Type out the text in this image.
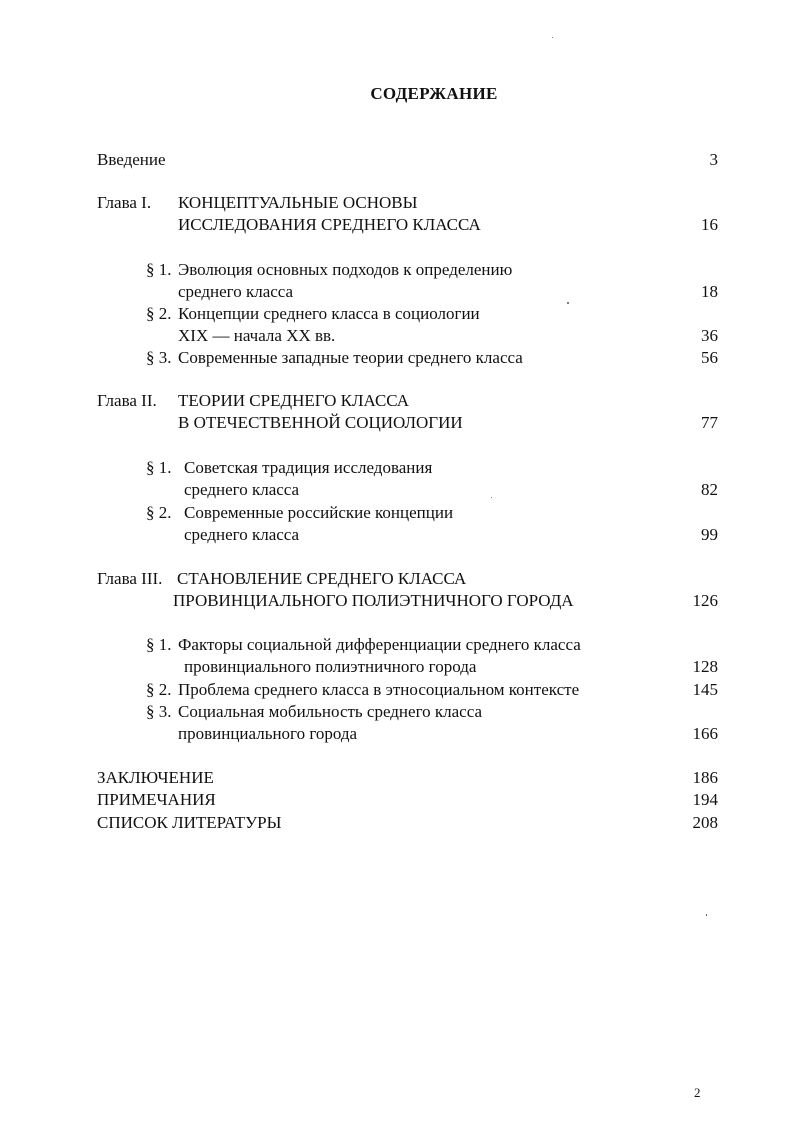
СОДЕРЖАНИЕ
Введение	3
Глава I. КОНЦЕПТУАЛЬНЫЕ ОСНОВЫ
ИССЛЕДОВАНИЯ СРЕДНЕГО КЛАССА	16
§ 1. Эволюция основных подходов к определению
среднего класса	18
§ 2. Концепции среднего класса в социологии
XIX — начала XX вв.	36
§ 3. Современные западные теории среднего класса	56
Глава II. ТЕОРИИ СРЕДНЕГО КЛАССА
В ОТЕЧЕСТВЕННОЙ СОЦИОЛОГИИ	77
§ 1. Советская традиция исследования
среднего класса	82
§ 2. Современные российские концепции
среднего класса	99
Глава III. СТАНОВЛЕНИЕ СРЕДНЕГО КЛАССА
ПРОВИНЦИАЛЬНОГО ПОЛИЭТНИЧНОГО ГОРОДА	126
§ 1. Факторы социальной дифференциации среднего класса
провинциального полиэтничного города	128
§ 2. Проблема среднего класса в этносоциальном контексте	145
§ 3. Социальная мобильность среднего класса
провинциального города	166
ЗАКЛЮЧЕНИЕ	186
ПРИМЕЧАНИЯ	194
СПИСОК ЛИТЕРАТУРЫ	208
2
